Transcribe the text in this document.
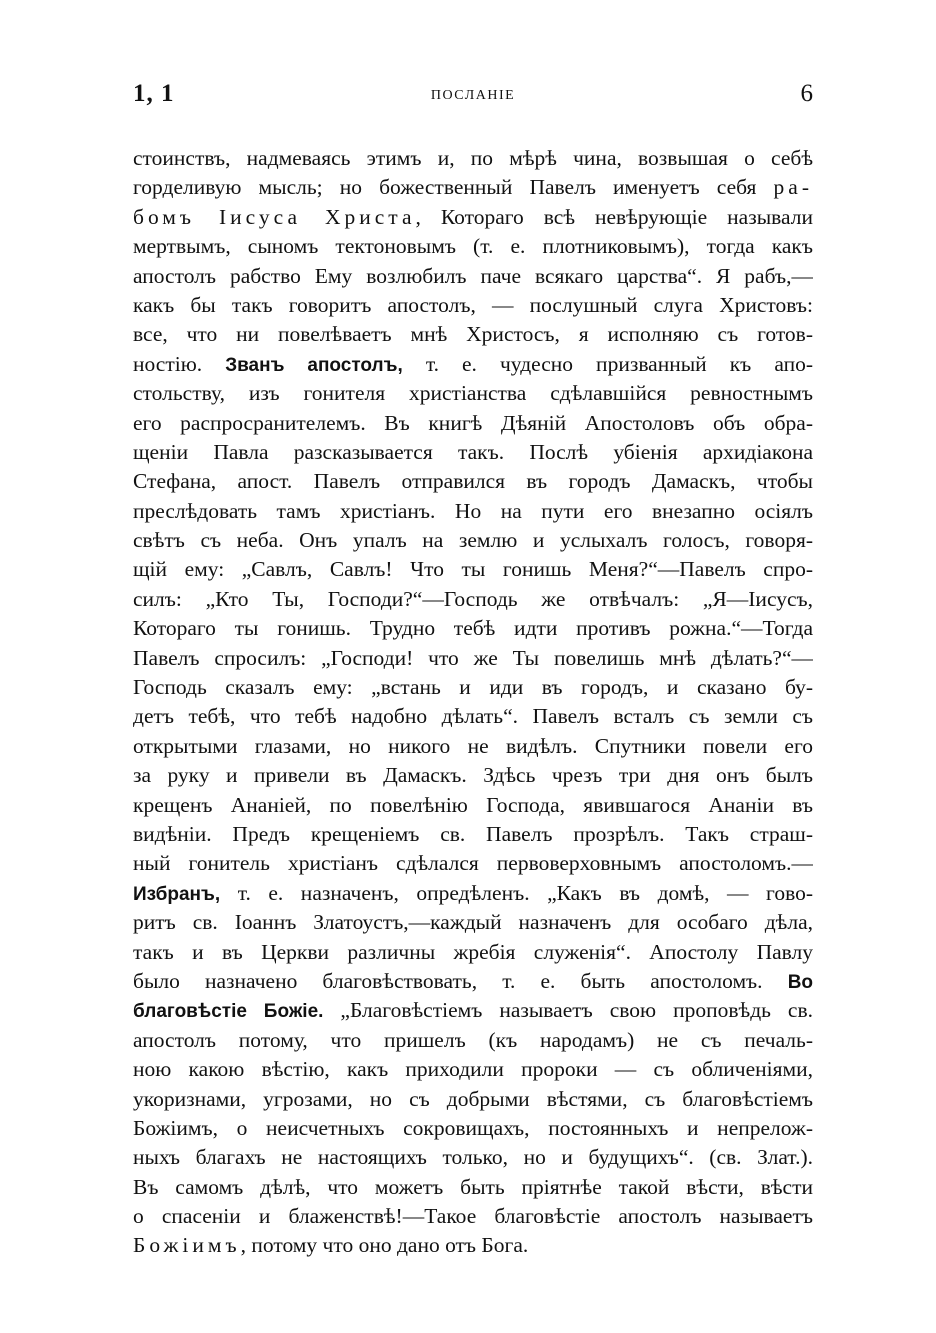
1, 1	ПОСЛАНІЕ	6
стоинствъ, надмеваясь этимъ и, по мѣрѣ чина, возвышая о себѣ
горделивую мысль; но божественный Павелъ именуетъ себя ра-
бомъ Іисуса Христа, Котораго всѣ невѣрующіе называли
мертвымъ, сыномъ тектоновымъ (т. е. плотниковымъ), тогда какъ
апостолъ рабство Ему возлюбилъ паче всякаго царства“. Я рабъ,—
какъ бы такъ говоритъ апостолъ, — послушный слуга Христовъ:
все, что ни повелѣваетъ мнѣ Христосъ, я исполняю съ готов-
ностію. Званъ апостолъ, т. е. чудесно призванный къ апо-
стольству, изъ гонителя христіанства сдѣлавшійся ревностнымъ
его распросранителемъ. Въ книгѣ Дѣяній Апостоловъ объ обра-
щеніи Павла разсказывается такъ. Послѣ убіенія архидіакона
Стефана, апост. Павелъ отправился въ городъ Дамаскъ, чтобы
преслѣдовать тамъ христіанъ. Но на пути его внезапно осіялъ
свѣтъ съ неба. Онъ упалъ на землю и услыхалъ голосъ, говоря-
щій ему: „Савлъ, Савлъ! Что ты гонишь Меня?“—Павелъ спро-
силъ: „Кто Ты, Господи?“—Господь же отвѣчалъ: „Я—Іисусъ,
Котораго ты гонишь. Трудно тебѣ идти противъ рожна.“—Тогда
Павелъ спросилъ: „Господи! что же Ты повелишь мнѣ дѣлать?“—
Господь сказалъ ему: „встань и иди въ городъ, и сказано бу-
детъ тебѣ, что тебѣ надобно дѣлать“. Павелъ всталъ съ земли съ
открытыми глазами, но никого не видѣлъ. Спутники повели его
за руку и привели въ Дамаскъ. Здѣсь чрезъ три дня онъ былъ
крещенъ Ананіей, по повелѣнію Господа, явившагося Ананіи въ
видѣніи. Предъ крещеніемъ св. Павелъ прозрѣлъ. Такъ страш-
ный гонитель христіанъ сдѣлался первоверховнымъ апостоломъ.—
Избранъ, т. е. назначенъ, опредѣленъ. „Какъ въ домѣ, — гово-
ритъ св. Іоаннъ Златоустъ,—каждый назначенъ для особаго дѣла,
такъ и въ Церкви различны жребія служенія“. Апостолу Павлу
было назначено благовѣствовать, т. е. быть апостоломъ. Во
благовѣстіе Божіе. „Благовѣстіемъ называетъ свою проповѣдь св.
апостолъ потому, что пришелъ (къ народамъ) не съ печаль-
ною какою вѣстію, какъ приходили пророки — съ обличеніями,
укоризнами, угрозами, но съ добрыми вѣстями, съ благовѣстіемъ
Божіимъ, о неисчетныхъ сокровищахъ, постоянныхъ и непрелож-
ныхъ благахъ не настоящихъ только, но и будущихъ“. (св. Злат.).
Въ самомъ дѣлѣ, что можетъ быть пріятнѣе такой вѣсти, вѣсти
о спасеніи и блаженствѣ!—Такое благовѣстіе апостолъ называетъ
Божіимъ, потому что оно дано отъ Бога.
